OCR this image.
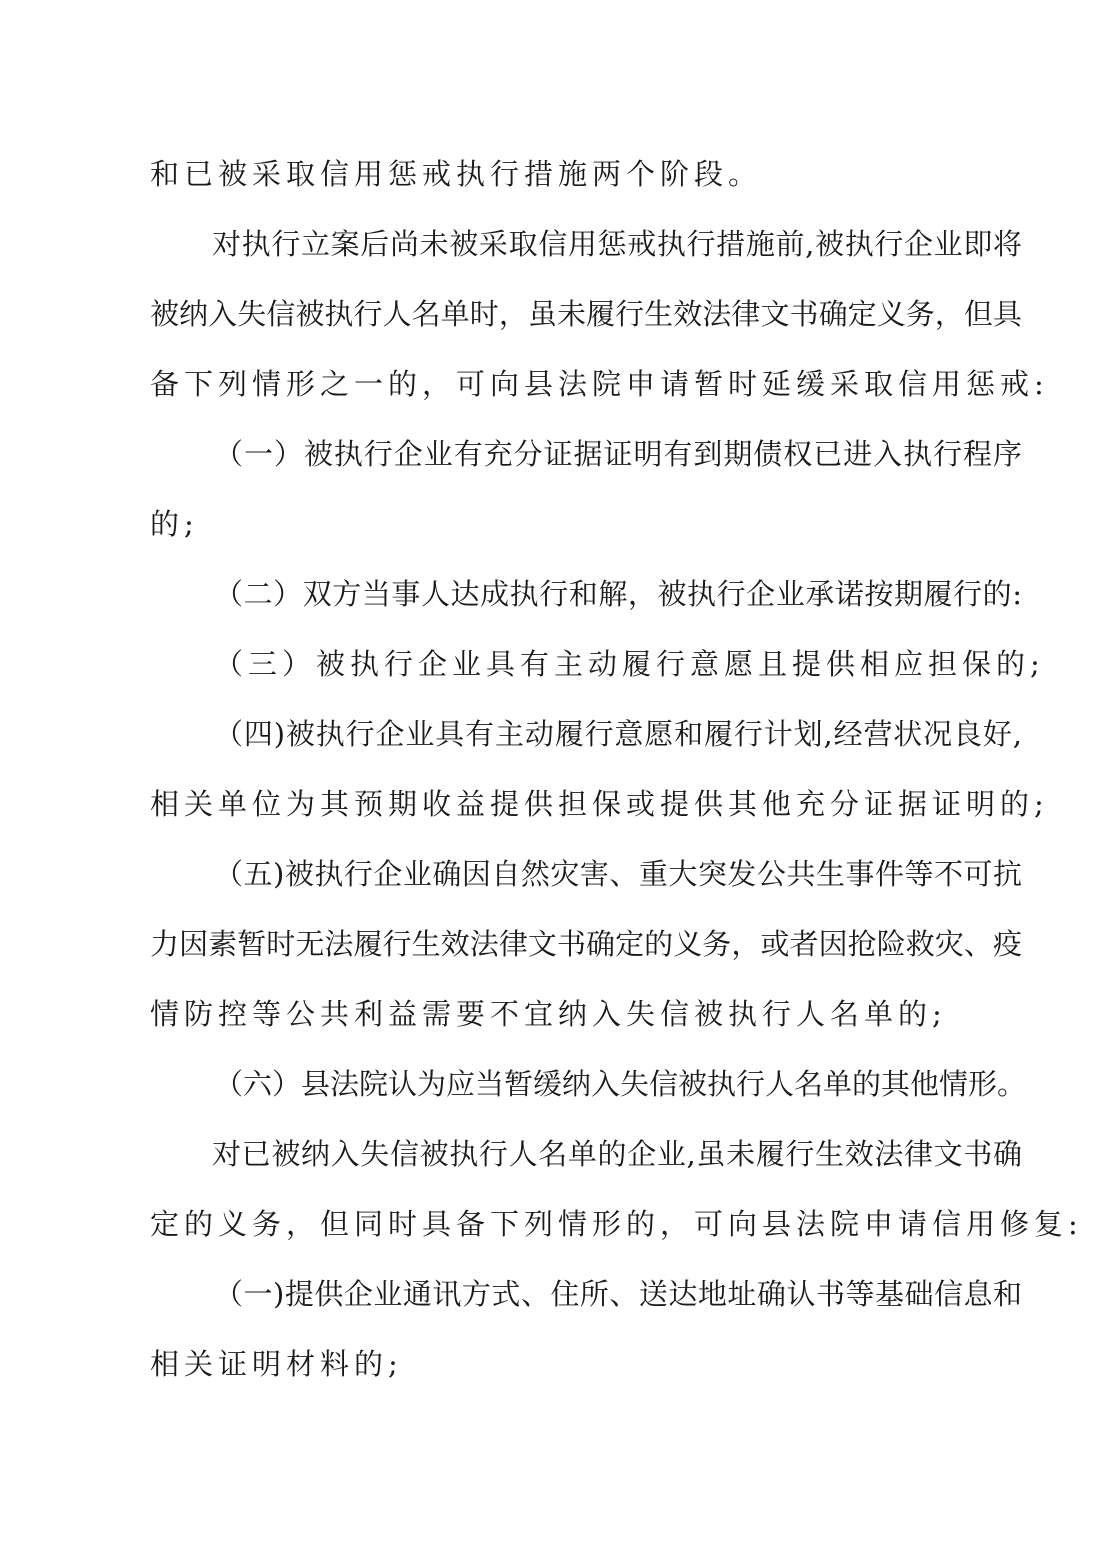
和已被采取信用惩戒执行措施两个阶段。
对执行立案后尚未被采取信用惩戒执行措施前,被执行企业即将
被纳入失信被执行人名单时，虽未履行生效法律文书确定义务，但具
备下列情形之一的，可向县法院申请暂时延缓采取信用惩戒:
（一）被执行企业有充分证据证明有到期债权已进入执行程序
的;
（二）双方当事人达成执行和解，被执行企业承诺按期履行的:
（三）被执行企业具有主动履行意愿且提供相应担保的;
（四)被执行企业具有主动履行意愿和履行计划,经营状况良好,
相关单位为其预期收益提供担保或提供其他充分证据证明的;
（五)被执行企业确因自然灾害、重大突发公共生事件等不可抗
力因素暂时无法履行生效法律文书确定的义务，或者因抢险救灾、疫
情防控等公共利益需要不宜纳入失信被执行人名单的;
（六）县法院认为应当暂缓纳入失信被执行人名单的其他情形。
对已被纳入失信被执行人名单的企业,虽未履行生效法律文书确
定的义务，但同时具备下列情形的，可向县法院申请信用修复:
（一)提供企业通讯方式、住所、送达地址确认书等基础信息和
相关证明材料的;
